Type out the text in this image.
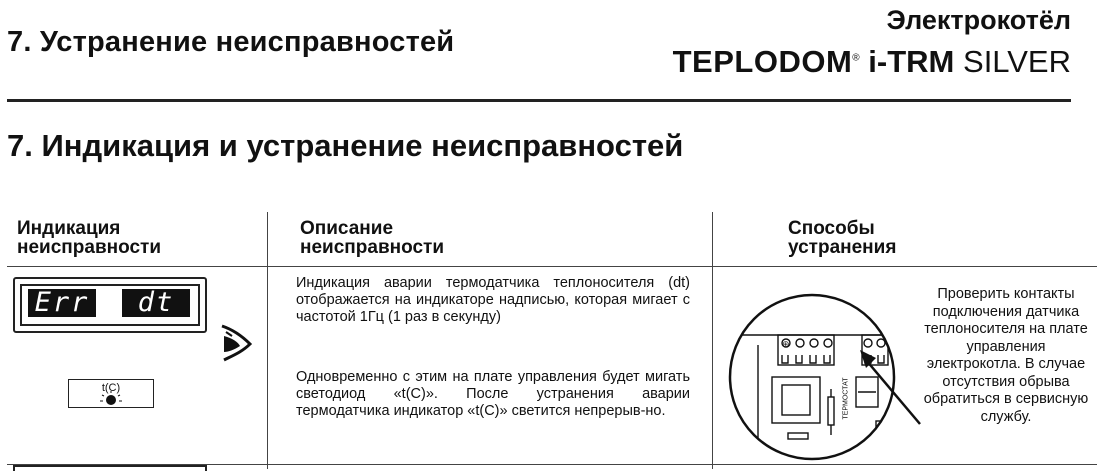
7. Устранение неисправностей
Электрокотёл
TEPLODOM® i-TRM SILVER
7. Индикация и устранение неисправностей
Индикация
неисправности
Описание
неисправности
Способы
устранения
Err	dt
t(C)
Индикация аварии термодатчика теплоносителя (dt) отображается на индикаторе надписью, которая мигает с частотой 1Гц (1 раз в секунду)
Одновременно с этим на плате управления будет мигать светодиод «t(C)». После устранения аварии термодатчика индикатор «t(C)» светится непрерыв-но.
⊕
ТЕРМОСТАТ
Проверить контакты подключения датчика теплоносителя на плате управления электрокотла. В случае отсутствия обрыва обратиться в сервисную службу.
